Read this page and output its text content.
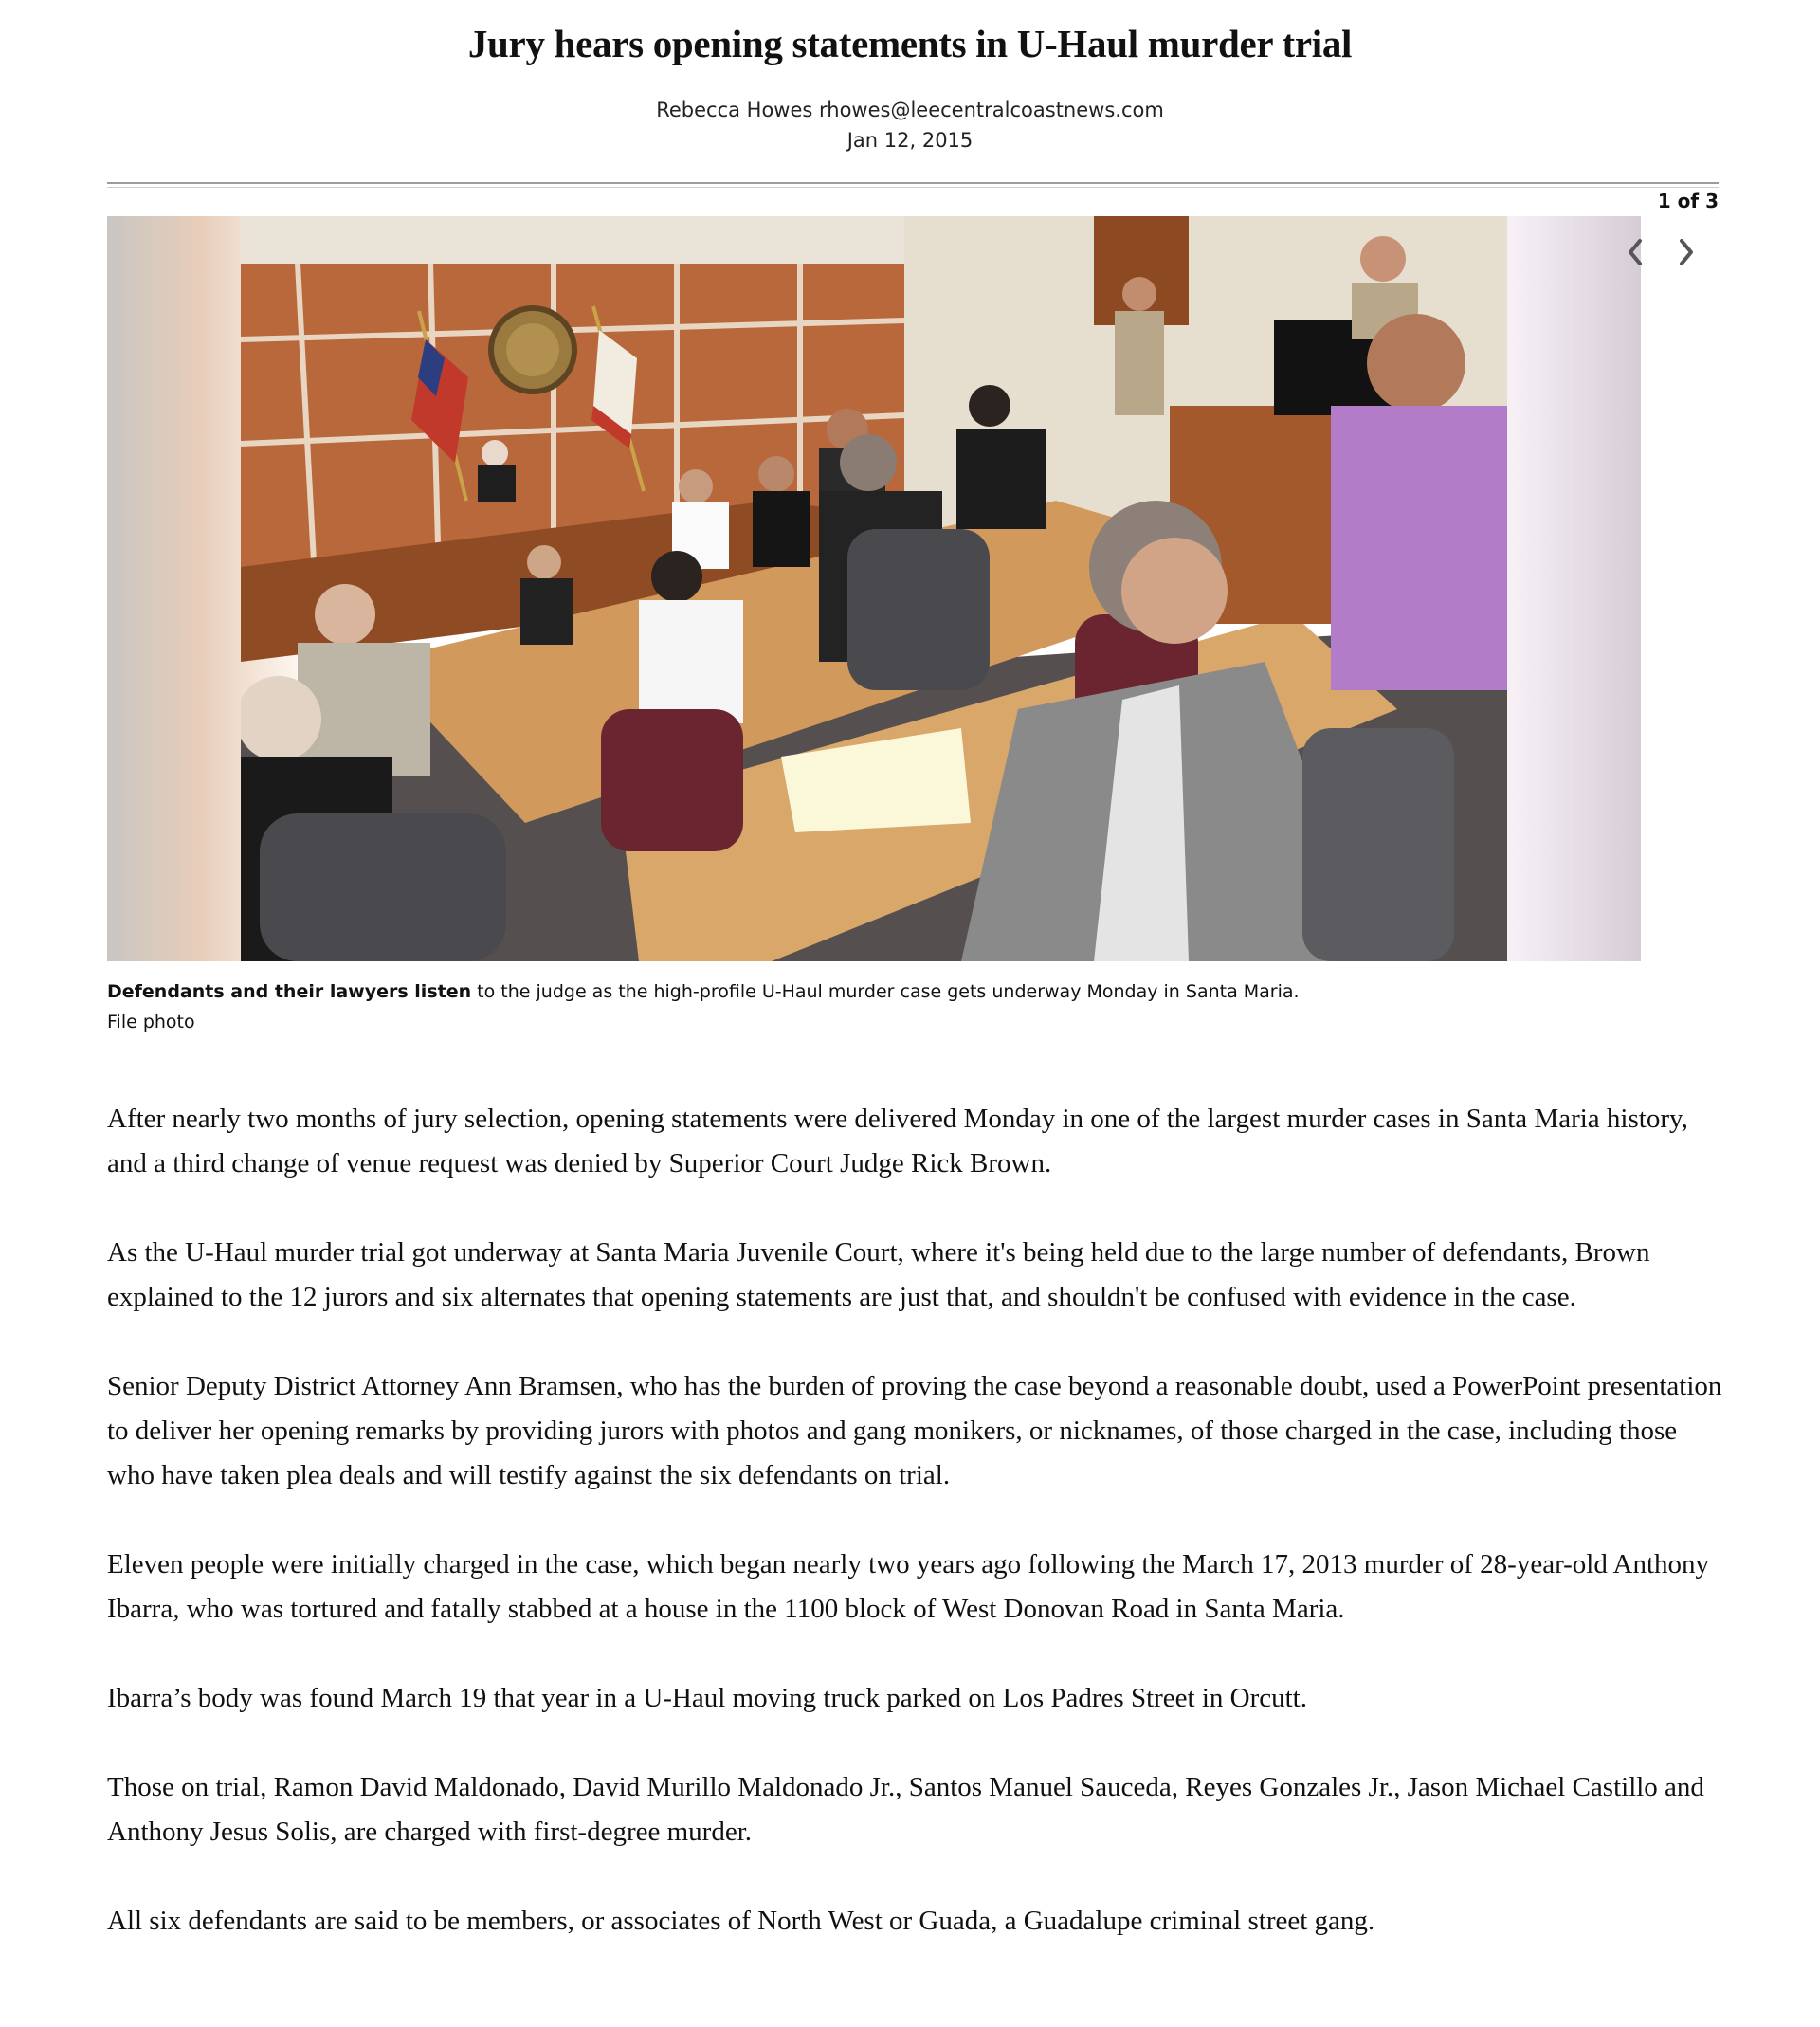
Jury hears opening statements in U-Haul murder trial
Rebecca Howes rhowes@leecentralcoastnews.com
Jan 12, 2015
1 of 3
Defendants and their lawyers listen to the judge as the high-profile U-Haul murder case gets underway Monday in Santa Maria.
File photo

After nearly two months of jury selection, opening statements were delivered Monday in one of the largest murder cases in Santa Maria history, and a third change of venue request was denied by Superior Court Judge Rick Brown.

As the U-Haul murder trial got underway at Santa Maria Juvenile Court, where it's being held due to the large number of defendants, Brown explained to the 12 jurors and six alternates that opening statements are just that, and shouldn't be confused with evidence in the case.

Senior Deputy District Attorney Ann Bramsen, who has the burden of proving the case beyond a reasonable doubt, used a PowerPoint presentation to deliver her opening remarks by providing jurors with photos and gang monikers, or nicknames, of those charged in the case, including those who have taken plea deals and will testify against the six defendants on trial.

Eleven people were initially charged in the case, which began nearly two years ago following the March 17, 2013 murder of 28-year-old Anthony Ibarra, who was tortured and fatally stabbed at a house in the 1100 block of West Donovan Road in Santa Maria.

Ibarra’s body was found March 19 that year in a U-Haul moving truck parked on Los Padres Street in Orcutt.

Those on trial, Ramon David Maldonado, David Murillo Maldonado Jr., Santos Manuel Sauceda, Reyes Gonzales Jr., Jason Michael Castillo and Anthony Jesus Solis, are charged with first-degree murder.

All six defendants are said to be members, or associates of North West or Guada, a Guadalupe criminal street gang.
